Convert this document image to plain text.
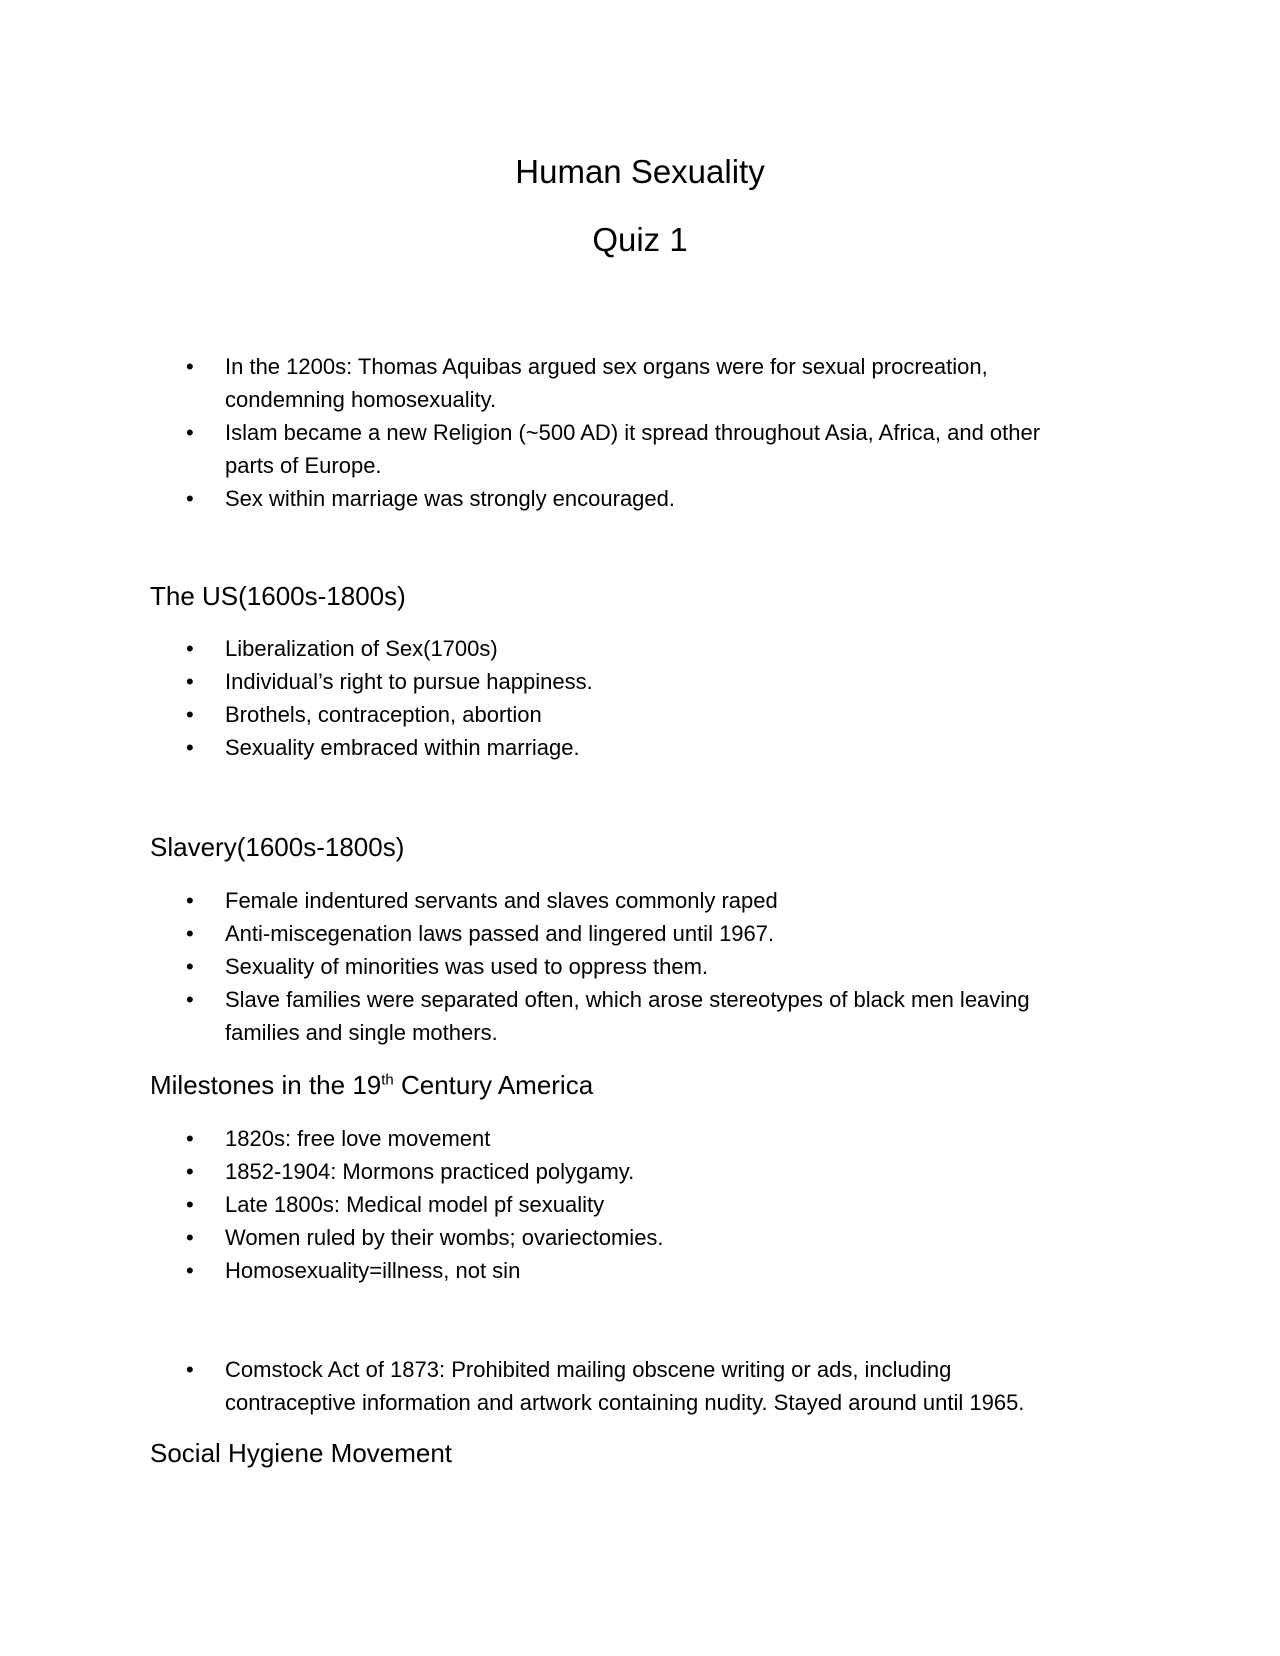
Human Sexuality
Quiz 1
•
In the 1200s: Thomas Aquibas argued sex organs were for sexual procreation,
condemning homosexuality.
•
Islam became a new Religion (~500 AD) it spread throughout Asia, Africa, and other
parts of Europe.
•
Sex within marriage was strongly encouraged.
The US(1600s-1800s)
•
Liberalization of Sex(1700s)
•
Individual’s right to pursue happiness.
•
Brothels, contraception, abortion
•
Sexuality embraced within marriage.
Slavery(1600s-1800s)
•
Female indentured servants and slaves commonly raped
•
Anti-miscegenation laws passed and lingered until 1967.
•
Sexuality of minorities was used to oppress them.
•
Slave families were separated often, which arose stereotypes of black men leaving
families and single mothers.
Milestones in the 19th Century America
•
1820s: free love movement
•
1852-1904: Mormons practiced polygamy.
•
Late 1800s: Medical model pf sexuality
•
Women ruled by their wombs; ovariectomies.
•
Homosexuality=illness, not sin
•
Comstock Act of 1873: Prohibited mailing obscene writing or ads, including
contraceptive information and artwork containing nudity. Stayed around until 1965.
Social Hygiene Movement
